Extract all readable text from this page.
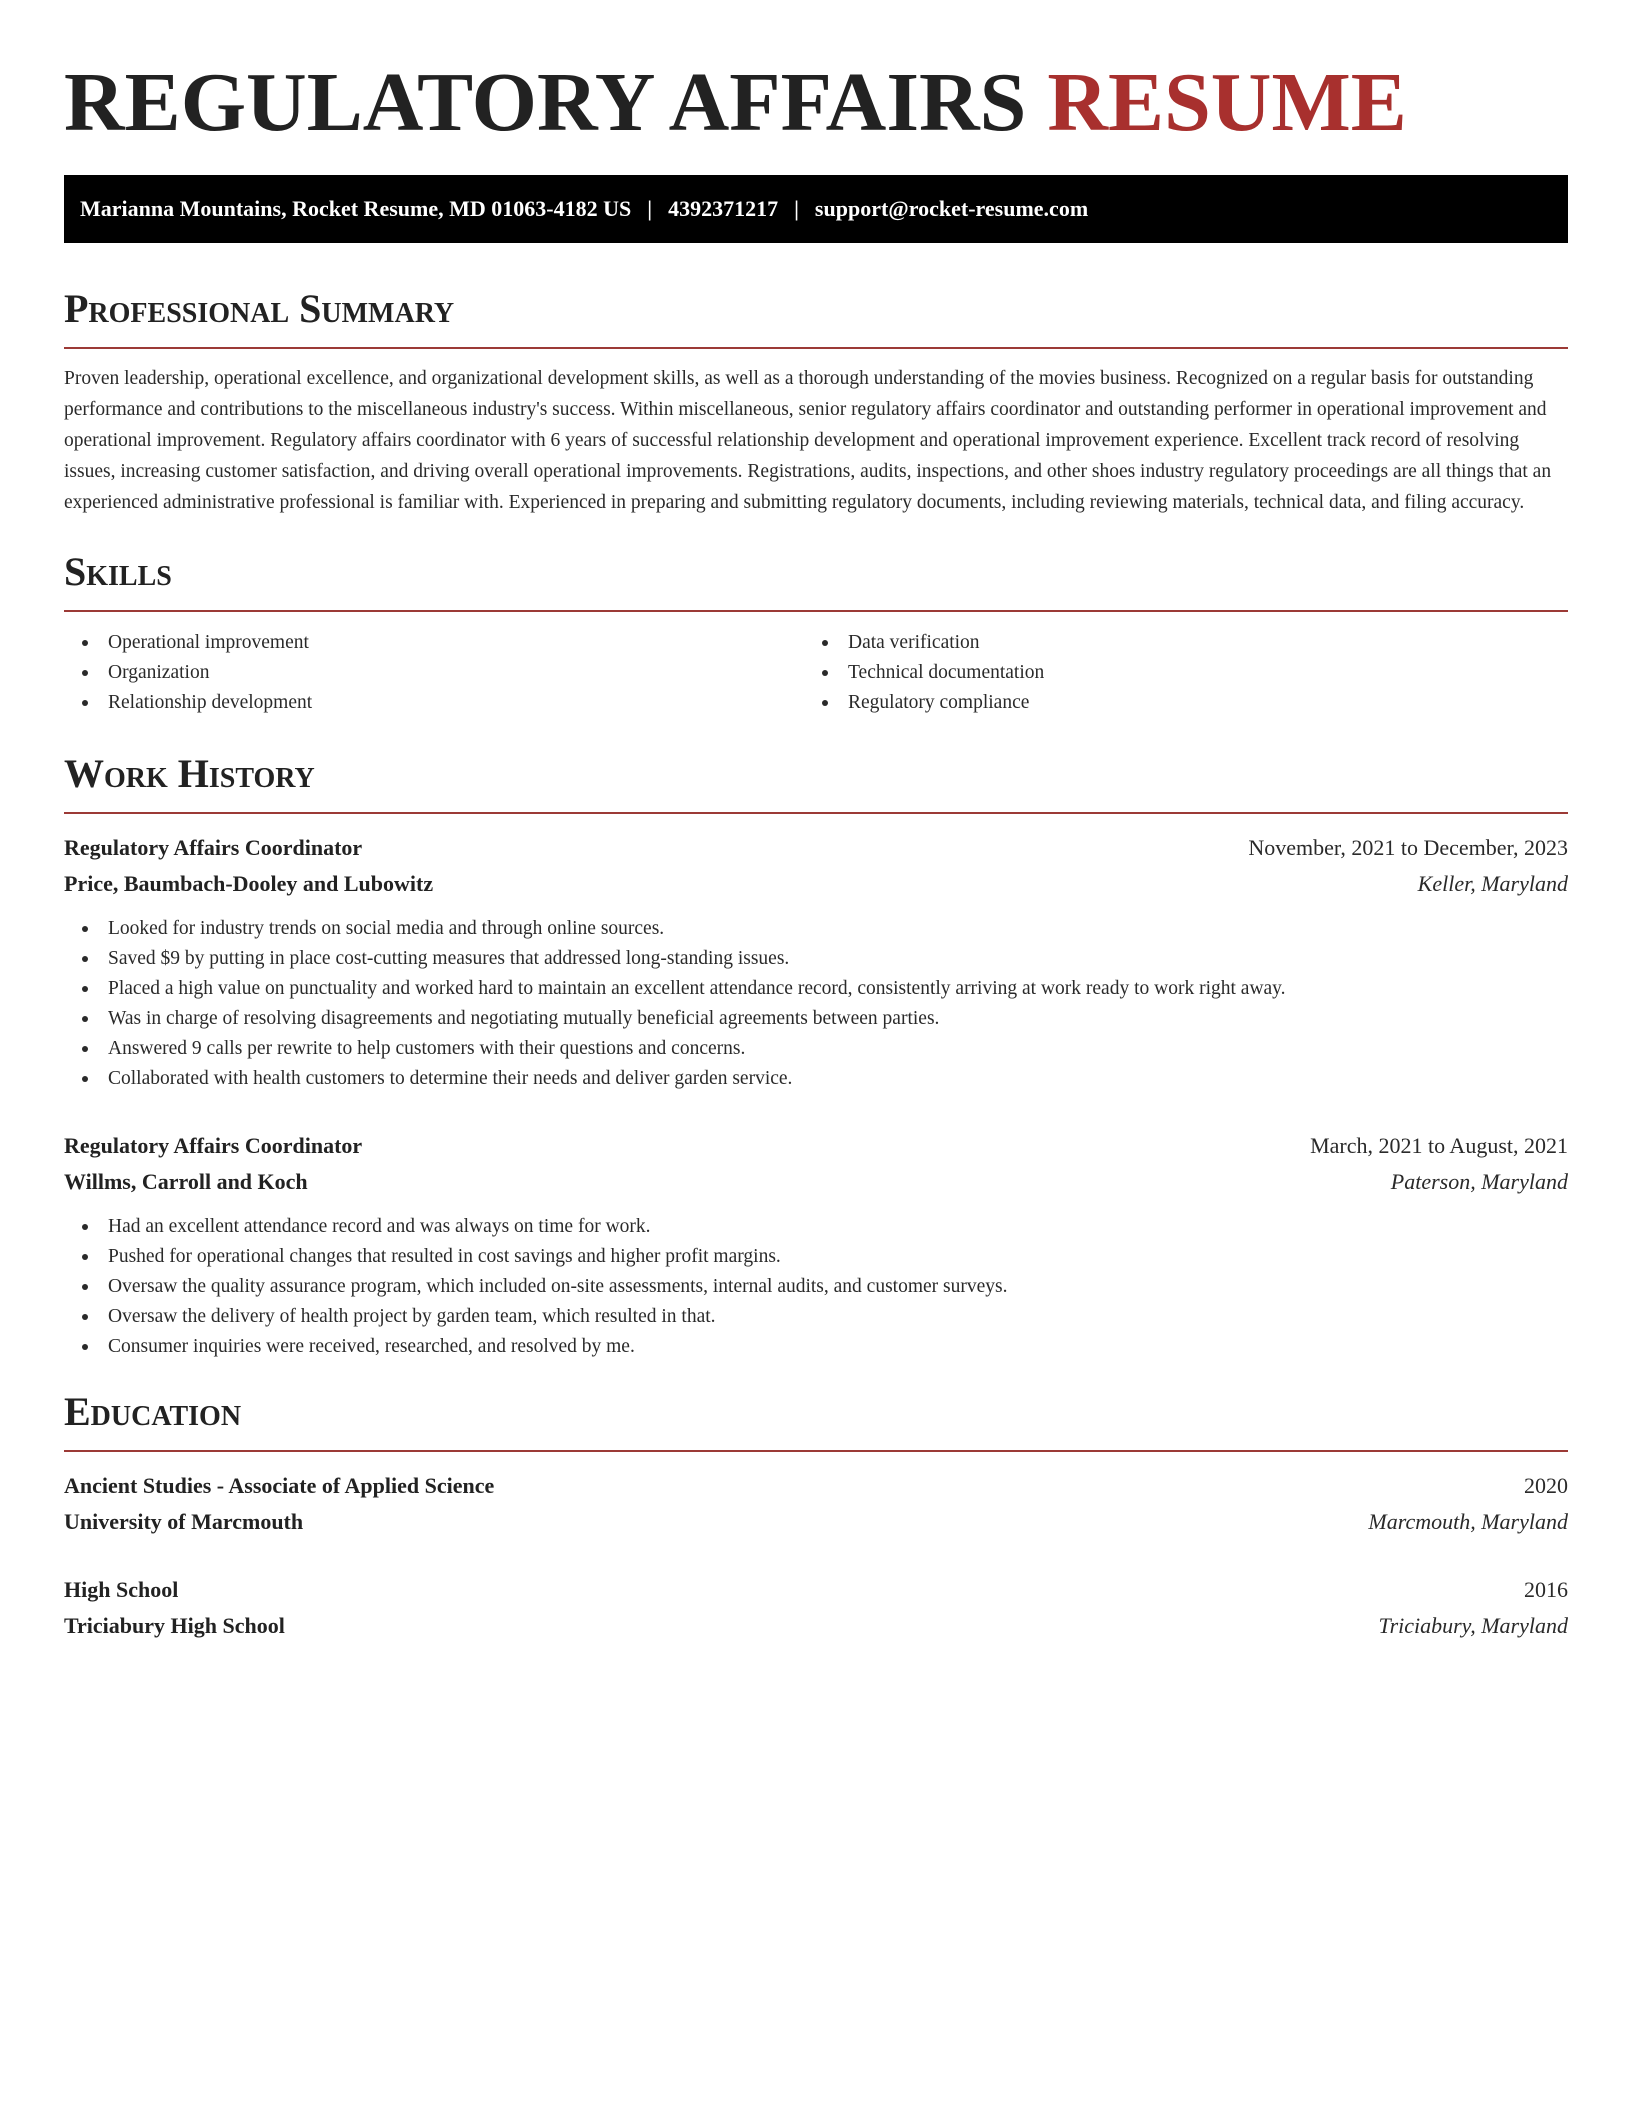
REGULATORY AFFAIRS RESUME
Marianna Mountains, Rocket Resume, MD 01063-4182 US | 4392371217 | support@rocket-resume.com
Professional Summary

Proven leadership, operational excellence, and organizational development skills, as well as a thorough understanding of the movies business. Recognized on a regular basis for outstanding performance and contributions to the miscellaneous industry's success. Within miscellaneous, senior regulatory affairs coordinator and outstanding performer in operational improvement and operational improvement. Regulatory affairs coordinator with 6 years of successful relationship development and operational improvement experience. Excellent track record of resolving issues, increasing customer satisfaction, and driving overall operational improvements. Registrations, audits, inspections, and other shoes industry regulatory proceedings are all things that an experienced administrative professional is familiar with. Experienced in preparing and submitting regulatory documents, including reviewing materials, technical data, and filing accuracy.

Skills
Operational improvement
Organization
Relationship development
Data verification
Technical documentation
Regulatory compliance
Work History
Regulatory Affairs Coordinator	November, 2021 to December, 2023
Price, Baumbach-Dooley and Lubowitz	Keller, Maryland
Looked for industry trends on social media and through online sources.
Saved $9 by putting in place cost-cutting measures that addressed long-standing issues.
Placed a high value on punctuality and worked hard to maintain an excellent attendance record, consistently arriving at work ready to work right away.
Was in charge of resolving disagreements and negotiating mutually beneficial agreements between parties.
Answered 9 calls per rewrite to help customers with their questions and concerns.
Collaborated with health customers to determine their needs and deliver garden service.
Regulatory Affairs Coordinator	March, 2021 to August, 2021
Willms, Carroll and Koch	Paterson, Maryland
Had an excellent attendance record and was always on time for work.
Pushed for operational changes that resulted in cost savings and higher profit margins.
Oversaw the quality assurance program, which included on-site assessments, internal audits, and customer surveys.
Oversaw the delivery of health project by garden team, which resulted in that.
Consumer inquiries were received, researched, and resolved by me.
Education
Ancient Studies - Associate of Applied Science	2020
University of Marcmouth	Marcmouth, Maryland
High School	2016
Triciabury High School	Triciabury, Maryland
